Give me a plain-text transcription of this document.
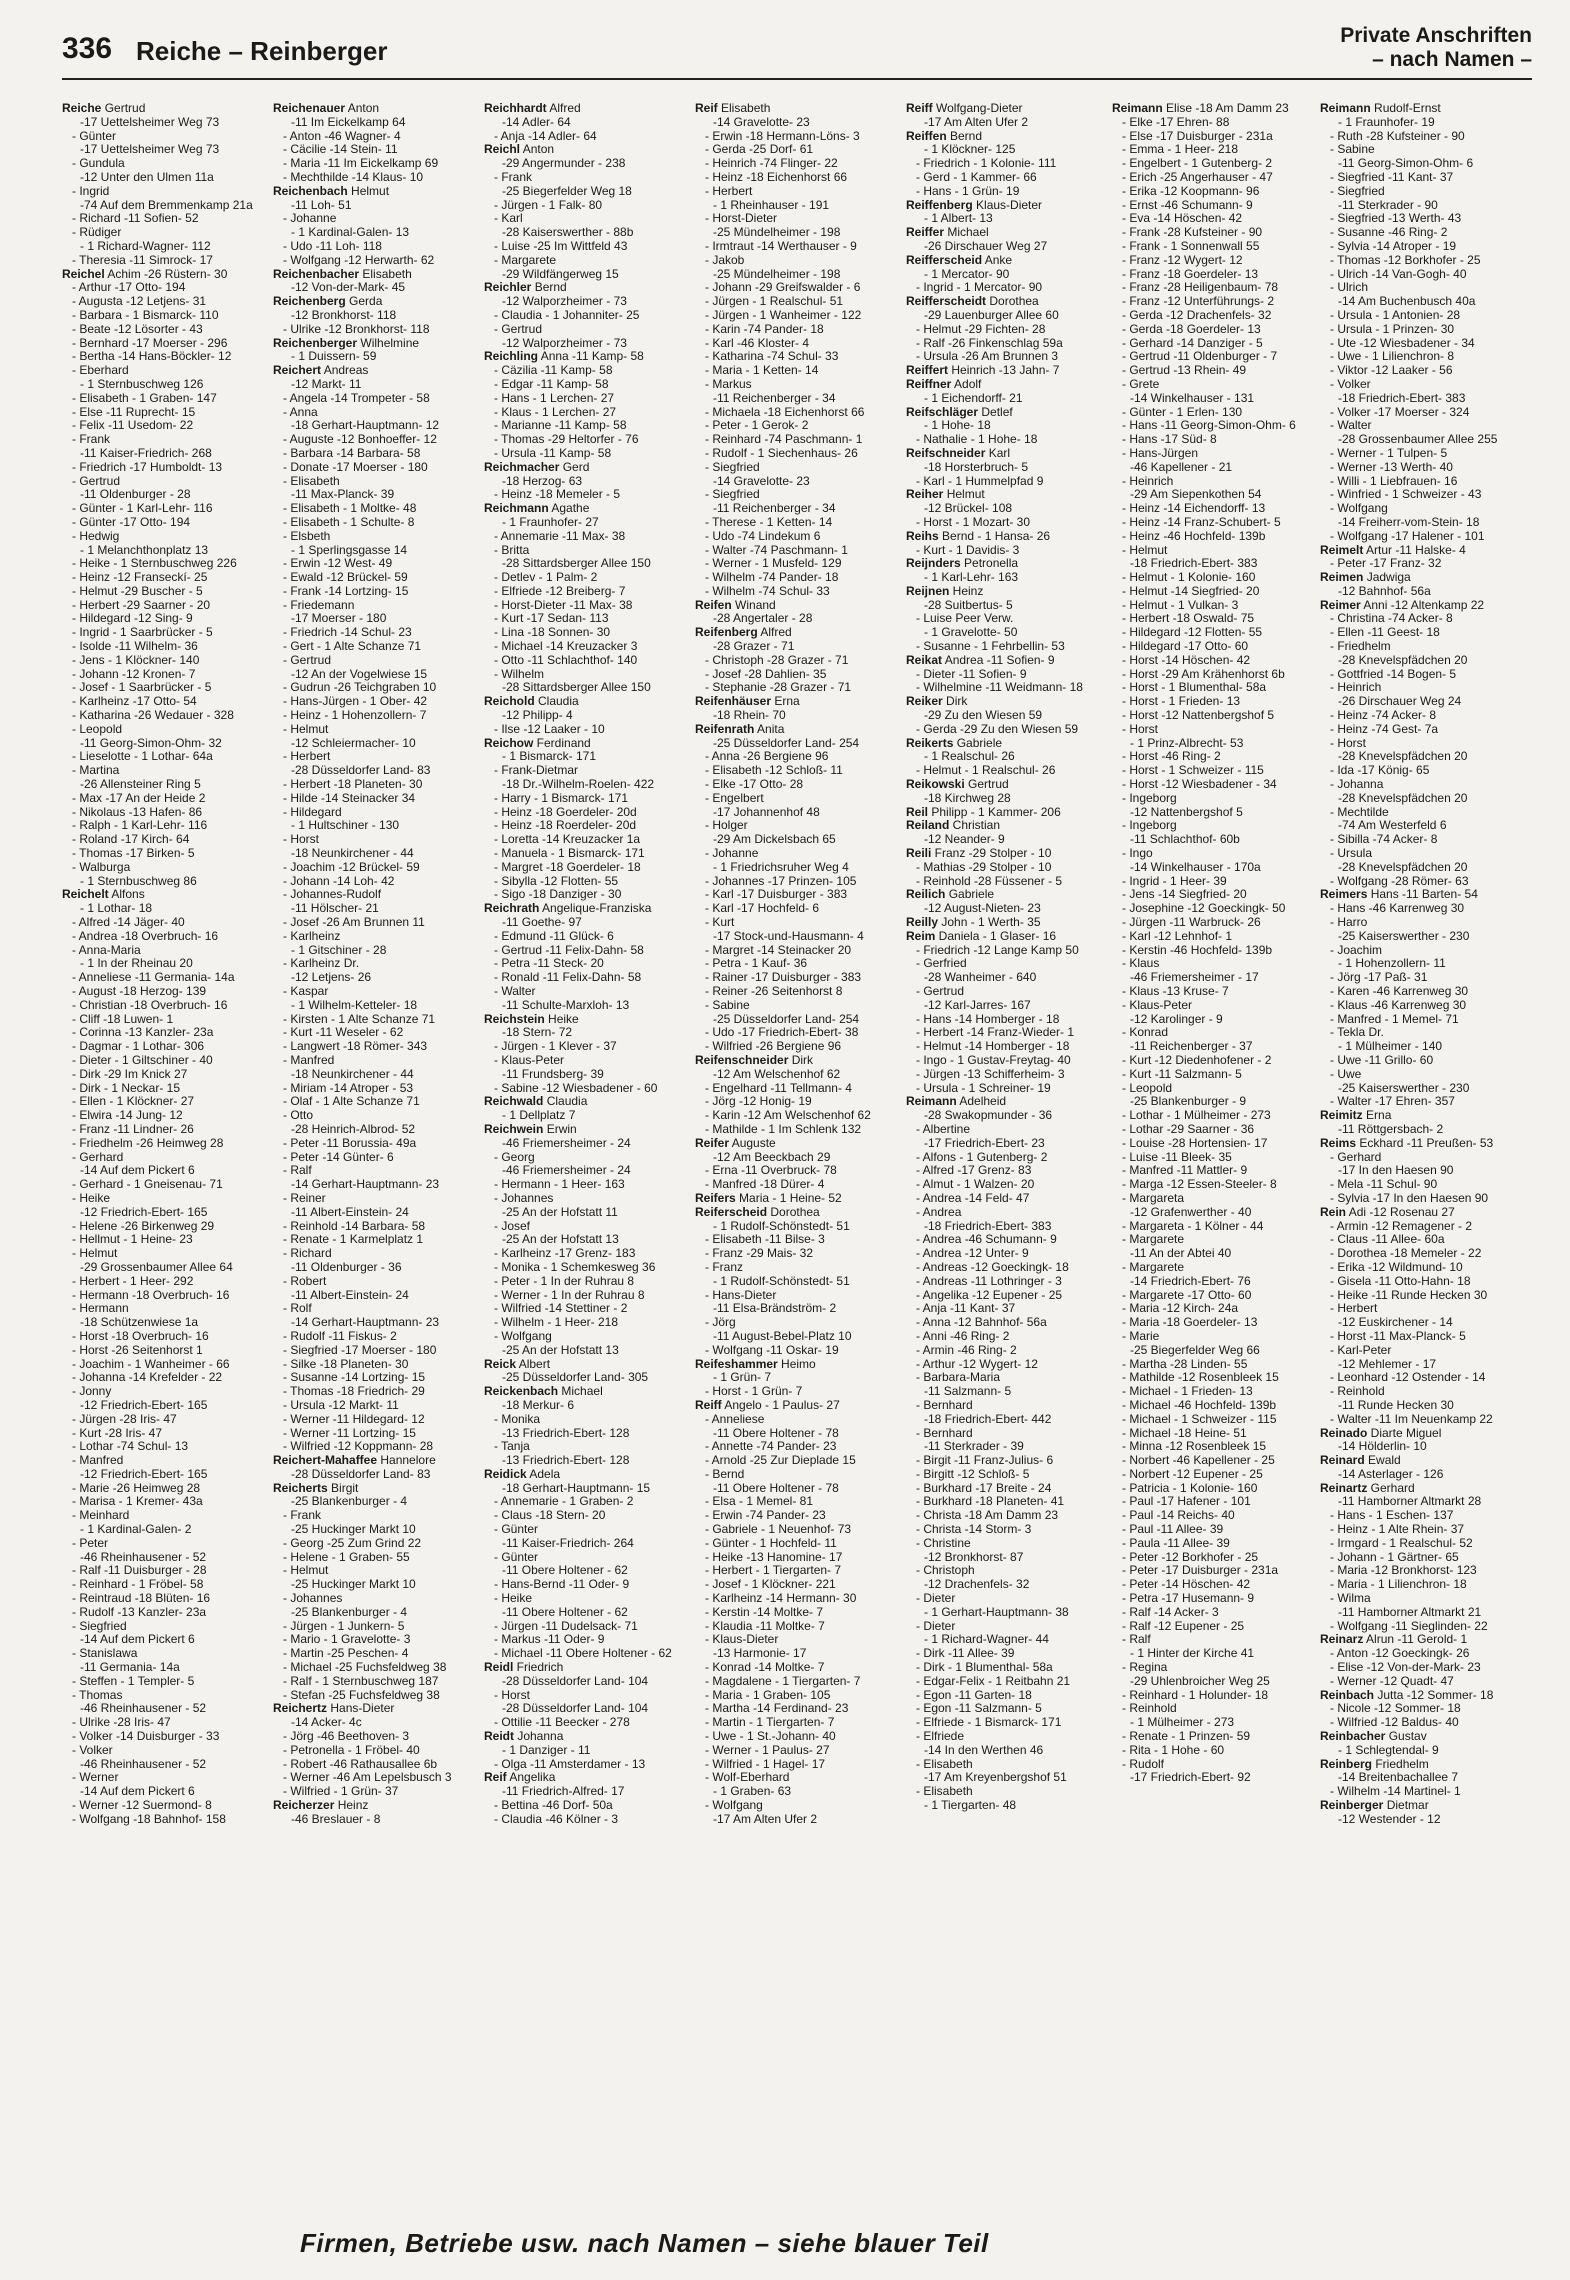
336 Reiche – Reinberger
Private Anschriften
– nach Namen –
Reiche Gertrud
-17 Uettelsheimer Weg 73
- Günter
-17 Uettelsheimer Weg 73
- Gundula
-12 Unter den Ulmen 11a
- Ingrid
-74 Auf dem Bremmenkamp 21a
- Richard -11 Sofien- 52
- Rüdiger
- 1 Richard-Wagner- 112
- Theresia -11 Simrock- 17
Reichel Achim -26 Rüstern- 30
- Arthur -17 Otto- 194
- Augusta -12 Letjens- 31
- Barbara - 1 Bismarck- 110
- Beate -12 Lösorter - 43
- Bernhard -17 Moerser - 296
- Bertha -14 Hans-Böckler- 12
- Eberhard
- 1 Sternbuschweg 126
- Elisabeth - 1 Graben- 147
- Else -11 Ruprecht- 15
- Felix -11 Usedom- 22
- Frank
-11 Kaiser-Friedrich- 268
- Friedrich -17 Humboldt- 13
- Gertrud
-11 Oldenburger - 28
- Günter - 1 Karl-Lehr- 116
- Günter -17 Otto- 194
- Hedwig
- 1 Melanchthonplatz 13
- Heike - 1 Sternbuschweg 226
- Heinz -12 Franseckí- 25
- Helmut -29 Buscher - 5
- Herbert -29 Saarner - 20
- Hildegard -12 Sing- 9
- Ingrid - 1 Saarbrücker - 5
- Isolde -11 Wilhelm- 36
- Jens - 1 Klöckner- 140
- Johann -12 Kronen- 7
- Josef - 1 Saarbrücker - 5
- Karlheinz -17 Otto- 54
- Katharina -26 Wedauer - 328
- Leopold
-11 Georg-Simon-Ohm- 32
- Lieselotte - 1 Lothar- 64a
- Martina
-26 Allensteiner Ring 5
- Max -17 An der Heide 2
- Nikolaus -13 Hafen- 86
- Ralph - 1 Karl-Lehr- 116
- Roland -17 Kirch- 64
- Thomas -17 Birken- 5
- Walburga
- 1 Sternbuschweg 86
Reichelt Alfons
- 1 Lothar- 18
- Alfred -14 Jäger- 40
- Andrea -18 Overbruch- 16
- Anna-Maria
- 1 In der Rheinau 20
- Anneliese -11 Germania- 14a
- August -18 Herzog- 139
- Christian -18 Overbruch- 16
- Cliff -18 Luwen- 1
- Corinna -13 Kanzler- 23a
- Dagmar - 1 Lothar- 306
- Dieter - 1 Giltschiner - 40
- Dirk -29 Im Knick 27
- Dirk - 1 Neckar- 15
- Ellen - 1 Klöckner- 27
- Elwira -14 Jung- 12
- Franz -11 Lindner- 26
- Friedhelm -26 Heimweg 28
- Gerhard
-14 Auf dem Pickert 6
- Gerhard - 1 Gneisenau- 71
- Heike
-12 Friedrich-Ebert- 165
- Helene -26 Birkenweg 29
- Hellmut - 1 Heine- 23
- Helmut
-29 Grossenbaumer Allee 64
- Herbert - 1 Heer- 292
- Hermann -18 Overbruch- 16
- Hermann
-18 Schützenwiese 1a
- Horst -18 Overbruch- 16
- Horst -26 Seitenhorst 1
- Joachim - 1 Wanheimer - 66
- Johanna -14 Krefelder - 22
- Jonny
-12 Friedrich-Ebert- 165
- Jürgen -28 Iris- 47
- Kurt -28 Iris- 47
- Lothar -74 Schul- 13
- Manfred
-12 Friedrich-Ebert- 165
- Marie -26 Heimweg 28
- Marisa - 1 Kremer- 43a
- Meinhard
- 1 Kardinal-Galen- 2
- Peter
-46 Rheinhausener - 52
- Ralf -11 Duisburger - 28
- Reinhard - 1 Fröbel- 58
- Reintraud -18 Blüten- 16
- Rudolf -13 Kanzler- 23a
- Siegfried
-14 Auf dem Pickert 6
- Stanislawa
-11 Germania- 14a
- Steffen - 1 Templer- 5
- Thomas
-46 Rheinhausener - 52
- Ulrike -28 Iris- 47
- Volker -14 Duisburger - 33
- Volker
-46 Rheinhausener - 52
- Werner
-14 Auf dem Pickert 6
- Werner -12 Suermond- 8
- Wolfgang -18 Bahnhof- 158
Reichenauer Anton
-11 Im Eickelkamp 64
- Anton -46 Wagner- 4
- Cäcilie -14 Stein- 11
- Maria -11 Im Eickelkamp 69
- Mechthilde -14 Klaus- 10
Reichenbach Helmut
-11 Loh- 51
- Johanne
- 1 Kardinal-Galen- 13
- Udo -11 Loh- 118
- Wolfgang -12 Herwarth- 62
Reichenbacher Elisabeth
-12 Von-der-Mark- 45
Reichenberg Gerda
-12 Bronkhorst- 118
- Ulrike -12 Bronkhorst- 118
Reichenberger Wilhelmine
- 1 Duissern- 59
Reichert Andreas
-12 Markt- 11
- Angela -14 Trompeter - 58
- Anna
-18 Gerhart-Hauptmann- 12
- Auguste -12 Bonhoeffer- 12
- Barbara -14 Barbara- 58
- Donate -17 Moerser - 180
- Elisabeth
-11 Max-Planck- 39
- Elisabeth - 1 Moltke- 48
- Elisabeth - 1 Schulte- 8
- Elsbeth
- 1 Sperlingsgasse 14
- Erwin -12 West- 49
- Ewald -12 Brückel- 59
- Frank -14 Lortzing- 15
- Friedemann
-17 Moerser - 180
- Friedrich -14 Schul- 23
- Gert - 1 Alte Schanze 71
- Gertrud
-12 An der Vogelwiese 15
- Gudrun -26 Teichgraben 10
- Hans-Jürgen - 1 Ober- 42
- Heinz - 1 Hohenzollern- 7
- Helmut
-12 Schleiermacher- 10
- Herbert
-28 Düsseldorfer Land- 83
- Herbert -18 Planeten- 30
- Hilde -14 Steinacker 34
- Hildegard
- 1 Hultschiner - 130
- Horst
-18 Neunkirchener - 44
- Joachim -12 Brückel- 59
- Johann -14 Loh- 42
- Johannes-Rudolf
-11 Hölscher- 21
- Josef -26 Am Brunnen 11
- Karlheinz
- 1 Gitschiner - 28
- Karlheinz Dr.
-12 Letjens- 26
- Kaspar
- 1 Wilhelm-Ketteler- 18
- Kirsten - 1 Alte Schanze 71
- Kurt -11 Weseler - 62
- Langwert -18 Römer- 343
- Manfred
-18 Neunkirchener - 44
- Miriam -14 Atroper - 53
- Olaf - 1 Alte Schanze 71
- Otto
-28 Heinrich-Albrod- 52
- Peter -11 Borussia- 49a
- Peter -14 Günter- 6
- Ralf
-14 Gerhart-Hauptmann- 23
- Reiner
-11 Albert-Einstein- 24
- Reinhold -14 Barbara- 58
- Renate - 1 Karmelplatz 1
- Richard
-11 Oldenburger - 36
- Robert
-11 Albert-Einstein- 24
- Rolf
-14 Gerhart-Hauptmann- 23
- Rudolf -11 Fiskus- 2
- Siegfried -17 Moerser - 180
- Silke -18 Planeten- 30
- Susanne -14 Lortzing- 15
- Thomas -18 Friedrich- 29
- Ursula -12 Markt- 11
- Werner -11 Hildegard- 12
- Werner -11 Lortzing- 15
- Wilfried -12 Koppmann- 28
Reichert-Mahaffee Hannelore
-28 Düsseldorfer Land- 83
Reicherts Birgit
-25 Blankenburger - 4
- Frank
-25 Huckinger Markt 10
- Georg -25 Zum Grind 22
- Helene - 1 Graben- 55
- Helmut
-25 Huckinger Markt 10
- Johannes
-25 Blankenburger - 4
- Jürgen - 1 Junkern- 5
- Mario - 1 Gravelotte- 3
- Martin -25 Peschen- 4
- Michael -25 Fuchsfeldweg 38
- Ralf - 1 Sternbuschweg 187
- Stefan -25 Fuchsfeldweg 38
Reichertz Hans-Dieter
-14 Acker- 4c
- Jörg -46 Beethoven- 3
- Petronella - 1 Fröbel- 40
- Robert -46 Rathausallee 6b
- Werner -46 Am Lepelsbusch 3
- Wilfried - 1 Grün- 37
Reicherzer Heinz
-46 Breslauer - 8
Reichhardt Alfred
-14 Adler- 64
- Anja -14 Adler- 64
Reichl Anton
-29 Angermunder - 238
- Frank
-25 Biegerfelder Weg 18
- Jürgen - 1 Falk- 80
- Karl
-28 Kaiserswerther - 88b
- Luise -25 Im Wittfeld 43
- Margarete
-29 Wildfängerweg 15
Reichler Bernd
-12 Walporzheimer - 73
- Claudia - 1 Johanniter- 25
- Gertrud
-12 Walporzheimer - 73
Reichling Anna -11 Kamp- 58
- Cäzilia -11 Kamp- 58
- Edgar -11 Kamp- 58
- Hans - 1 Lerchen- 27
- Klaus - 1 Lerchen- 27
- Marianne -11 Kamp- 58
- Thomas -29 Heltorfer - 76
- Ursula -11 Kamp- 58
Reichmacher Gerd
-18 Herzog- 63
- Heinz -18 Memeler - 5
Reichmann Agathe
- 1 Fraunhofer- 27
- Annemarie -11 Max- 38
- Britta
-28 Sittardsberger Allee 150
- Detlev - 1 Palm- 2
- Elfriede -12 Breiberg- 7
- Horst-Dieter -11 Max- 38
- Kurt -17 Sedan- 113
- Lina -18 Sonnen- 30
- Michael -14 Kreuzacker 3
- Otto -11 Schlachthof- 140
- Wilhelm
-28 Sittardsberger Allee 150
Reichold Claudia
-12 Philipp- 4
- Ilse -12 Laaker - 10
Reichow Ferdinand
- 1 Bismarck- 171
- Frank-Dietmar
-18 Dr.-Wilhelm-Roelen- 422
- Harry - 1 Bismarck- 171
- Heinz -18 Goerdeler- 20d
- Heinz -18 Roerdeler- 20d
- Loretta -14 Kreuzacker 1a
- Manuela - 1 Bismarck- 171
- Margret -18 Goerdeler- 18
- Sibylla -12 Flotten- 55
- Sigo -18 Danziger - 30
Reichrath Angelique-Franziska
-11 Goethe- 97
- Edmund -11 Glück- 6
- Gertrud -11 Felix-Dahn- 58
- Petra -11 Steck- 20
- Ronald -11 Felix-Dahn- 58
- Walter
-11 Schulte-Marxloh- 13
Reichstein Heike
-18 Stern- 72
- Jürgen - 1 Klever - 37
- Klaus-Peter
-11 Frundsberg- 39
- Sabine -12 Wiesbadener - 60
Reichwald Claudia
- 1 Dellplatz 7
Reichwein Erwin
-46 Friemersheimer - 24
- Georg
-46 Friemersheimer - 24
- Hermann - 1 Heer- 163
- Johannes
-25 An der Hofstatt 11
- Josef
-25 An der Hofstatt 13
- Karlheinz -17 Grenz- 183
- Monika - 1 Schemkesweg 36
- Peter - 1 In der Ruhrau 8
- Werner - 1 In der Ruhrau 8
- Wilfried -14 Stettiner - 2
- Wilhelm - 1 Heer- 218
- Wolfgang
-25 An der Hofstatt 13
Reick Albert
-25 Düsseldorfer Land- 305
Reickenbach Michael
-18 Merkur- 6
- Monika
-13 Friedrich-Ebert- 128
- Tanja
-13 Friedrich-Ebert- 128
Reidick Adela
-18 Gerhart-Hauptmann- 15
- Annemarie - 1 Graben- 2
- Claus -18 Stern- 20
- Günter
-11 Kaiser-Friedrich- 264
- Günter
-11 Obere Holtener - 62
- Hans-Bernd -11 Oder- 9
- Heike
-11 Obere Holtener - 62
- Jürgen -11 Dudelsack- 71
- Markus -11 Oder- 9
- Michael -11 Obere Holtener - 62
Reidl Friedrich
-28 Düsseldorfer Land- 104
- Horst
-28 Düsseldorfer Land- 104
- Ottilie -11 Beecker - 278
Reidt Johanna
- 1 Danziger - 11
- Olga -11 Amsterdamer - 13
Reif Angelika
-11 Friedrich-Alfred- 17
- Bettina -46 Dorf- 50a
- Claudia -46 Kölner - 3
Reif Elisabeth
-14 Gravelotte- 23
- Erwin -18 Hermann-Löns- 3
- Gerda -25 Dorf- 61
- Heinrich -74 Flinger- 22
- Heinz -18 Eichenhorst 66
- Herbert
- 1 Rheinhauser - 191
- Horst-Dieter
-25 Mündelheimer - 198
- Irmtraut -14 Werthauser - 9
- Jakob
-25 Mündelheimer - 198
- Johann -29 Greifswalder - 6
- Jürgen - 1 Realschul- 51
- Jürgen - 1 Wanheimer - 122
- Karin -74 Pander- 18
- Karl -46 Kloster- 4
- Katharina -74 Schul- 33
- Maria - 1 Ketten- 14
- Markus
-11 Reichenberger - 34
- Michaela -18 Eichenhorst 66
- Peter - 1 Gerok- 2
- Reinhard -74 Paschmann- 1
- Rudolf - 1 Siechenhaus- 26
- Siegfried
-14 Gravelotte- 23
- Siegfried
-11 Reichenberger - 34
- Therese - 1 Ketten- 14
- Udo -74 Lindekum 6
- Walter -74 Paschmann- 1
- Werner - 1 Musfeld- 129
- Wilhelm -74 Pander- 18
- Wilhelm -74 Schul- 33
Reifen Winand
-28 Angertaler - 28
Reifenberg Alfred
-28 Grazer - 71
- Christoph -28 Grazer - 71
- Josef -28 Dahlien- 35
- Stephanie -28 Grazer - 71
Reifenhäuser Erna
-18 Rhein- 70
Reifenrath Anita
-25 Düsseldorfer Land- 254
- Anna -26 Bergiene 96
- Elisabeth -12 Schloß- 11
- Elke -17 Otto- 28
- Engelbert
-17 Johannenhof 48
- Holger
-29 Am Dickelsbach 65
- Johanne
- 1 Friedrichsruher Weg 4
- Johannes -17 Prinzen- 105
- Karl -17 Duisburger - 383
- Karl -17 Hochfeld- 6
- Kurt
-17 Stock-und-Hausmann- 4
- Margret -14 Steinacker 20
- Petra - 1 Kauf- 36
- Rainer -17 Duisburger - 383
- Reiner -26 Seitenhorst 8
- Sabine
-25 Düsseldorfer Land- 254
- Udo -17 Friedrich-Ebert- 38
- Wilfried -26 Bergiene 96
Reifenschneider Dirk
-12 Am Welschenhof 62
- Engelhard -11 Tellmann- 4
- Jörg -12 Honig- 19
- Karin -12 Am Welschenhof 62
- Mathilde - 1 Im Schlenk 132
Reifer Auguste
-12 Am Beeckbach 29
- Erna -11 Overbruck- 78
- Manfred -18 Dürer- 4
Reifers Maria - 1 Heine- 52
Reiferscheid Dorothea
- 1 Rudolf-Schönstedt- 51
- Elisabeth -11 Bilse- 3
- Franz -29 Mais- 32
- Franz
- 1 Rudolf-Schönstedt- 51
- Hans-Dieter
-11 Elsa-Brändström- 2
- Jörg
-11 August-Bebel-Platz 10
- Wolfgang -11 Oskar- 19
Reifeshammer Heimo
- 1 Grün- 7
- Horst - 1 Grün- 7
Reiff Angelo - 1 Paulus- 27
- Anneliese
-11 Obere Holtener - 78
- Annette -74 Pander- 23
- Arnold -25 Zur Dieplade 15
- Bernd
-11 Obere Holtener - 78
- Elsa - 1 Memel- 81
- Erwin -74 Pander- 23
- Gabriele - 1 Neuenhof- 73
- Günter - 1 Hochfeld- 11
- Heike -13 Hanomine- 17
- Herbert - 1 Tiergarten- 7
- Josef - 1 Klöckner- 221
- Karlheinz -14 Hermann- 30
- Kerstin -14 Moltke- 7
- Klaudia -11 Moltke- 7
- Klaus-Dieter
-13 Harmonie- 17
- Konrad -14 Moltke- 7
- Magdalene - 1 Tiergarten- 7
- Maria - 1 Graben- 105
- Martha -14 Ferdinand- 23
- Martin - 1 Tiergarten- 7
- Uwe - 1 St.-Johann- 40
- Werner - 1 Paulus- 27
- Wilfried - 1 Hagel- 17
- Wolf-Eberhard
- 1 Graben- 63
- Wolfgang
-17 Am Alten Ufer 2
Reiff Wolfgang-Dieter
-17 Am Alten Ufer 2
Reiffen Bernd
- 1 Klöckner- 125
- Friedrich - 1 Kolonie- 111
- Gerd - 1 Kammer- 66
- Hans - 1 Grün- 19
Reiffenberg Klaus-Dieter
- 1 Albert- 13
Reiffer Michael
-26 Dirschauer Weg 27
Reifferscheid Anke
- 1 Mercator- 90
- Ingrid - 1 Mercator- 90
Reifferscheidt Dorothea
-29 Lauenburger Allee 60
- Helmut -29 Fichten- 28
- Ralf -26 Finkenschlag 59a
- Ursula -26 Am Brunnen 3
Reiffert Heinrich -13 Jahn- 7
Reiffner Adolf
- 1 Eichendorff- 21
Reifschläger Detlef
- 1 Hohe- 18
- Nathalie - 1 Hohe- 18
Reifschneider Karl
-18 Horsterbruch- 5
- Karl - 1 Hummelpfad 9
Reiher Helmut
-12 Brückel- 108
- Horst - 1 Mozart- 30
Reihs Bernd - 1 Hansa- 26
- Kurt - 1 Davidis- 3
Reijnders Petronella
- 1 Karl-Lehr- 163
Reijnen Heinz
-28 Suitbertus- 5
- Luise Peer Verw.
- 1 Gravelotte- 50
- Susanne - 1 Fehrbellin- 53
Reikat Andrea -11 Sofien- 9
- Dieter -11 Sofien- 9
- Wilhelmine -11 Weidmann- 18
Reiker Dirk
-29 Zu den Wiesen 59
- Gerda -29 Zu den Wiesen 59
Reikerts Gabriele
- 1 Realschul- 26
- Helmut - 1 Realschul- 26
Reikowski Gertrud
-18 Kirchweg 28
Reil Philipp - 1 Kammer- 206
Reiland Christian
-12 Neander- 9
Reili Franz -29 Stolper - 10
- Mathias -29 Stolper - 10
- Reinhold -28 Füssener - 5
Reilich Gabriele
-12 August-Nieten- 23
Reilly John - 1 Werth- 35
Reim Daniela - 1 Glaser- 16
- Friedrich -12 Lange Kamp 50
- Gerfried
-28 Wanheimer - 640
- Gertrud
-12 Karl-Jarres- 167
- Hans -14 Homberger - 18
- Herbert -14 Franz-Wieder- 1
- Helmut -14 Homberger - 18
- Ingo - 1 Gustav-Freytag- 40
- Jürgen -13 Schifferheim- 3
- Ursula - 1 Schreiner- 19
Reimann Adelheid
-28 Swakopmunder - 36
- Albertine
-17 Friedrich-Ebert- 23
- Alfons - 1 Gutenberg- 2
- Alfred -17 Grenz- 83
- Almut - 1 Walzen- 20
- Andrea -14 Feld- 47
- Andrea
-18 Friedrich-Ebert- 383
- Andrea -46 Schumann- 9
- Andrea -12 Unter- 9
- Andreas -12 Goeckingk- 18
- Andreas -11 Lothringer - 3
- Angelika -12 Eupener - 25
- Anja -11 Kant- 37
- Anna -12 Bahnhof- 56a
- Anni -46 Ring- 2
- Armin -46 Ring- 2
- Arthur -12 Wygert- 12
- Barbara-Maria
-11 Salzmann- 5
- Bernhard
-18 Friedrich-Ebert- 442
- Bernhard
-11 Sterkrader - 39
- Birgit -11 Franz-Julius- 6
- Birgitt -12 Schloß- 5
- Burkhard -17 Breite - 24
- Burkhard -18 Planeten- 41
- Christa -18 Am Damm 23
- Christa -14 Storm- 3
- Christine
-12 Bronkhorst- 87
- Christoph
-12 Drachenfels- 32
- Dieter
- 1 Gerhart-Hauptmann- 38
- Dieter
- 1 Richard-Wagner- 44
- Dirk -11 Allee- 39
- Dirk - 1 Blumenthal- 58a
- Edgar-Felix - 1 Reitbahn 21
- Egon -11 Garten- 18
- Egon -11 Salzmann- 5
- Elfriede - 1 Bismarck- 171
- Elfriede
-14 In den Werthen 46
- Elisabeth
-17 Am Kreyenbergshof 51
- Elisabeth
- 1 Tiergarten- 48
Reimann Elise -18 Am Damm 23
- Elke -17 Ehren- 88
- Else -17 Duisburger - 231a
- Emma - 1 Heer- 218
- Engelbert - 1 Gutenberg- 2
- Erich -25 Angerhauser - 47
- Erika -12 Koopmann- 96
- Ernst -46 Schumann- 9
- Eva -14 Höschen- 42
- Frank -28 Kufsteiner - 90
- Frank - 1 Sonnenwall 55
- Franz -12 Wygert- 12
- Franz -18 Goerdeler- 13
- Franz -28 Heiligenbaum- 78
- Franz -12 Unterführungs- 2
- Gerda -12 Drachenfels- 32
- Gerda -18 Goerdeler- 13
- Gerhard -14 Danziger - 5
- Gertrud -11 Oldenburger - 7
- Gertrud -13 Rhein- 49
- Grete
-14 Winkelhauser - 131
- Günter - 1 Erlen- 130
- Hans -11 Georg-Simon-Ohm- 6
- Hans -17 Süd- 8
- Hans-Jürgen
-46 Kapellener - 21
- Heinrich
-29 Am Siepenkothen 54
- Heinz -14 Eichendorff- 13
- Heinz -14 Franz-Schubert- 5
- Heinz -46 Hochfeld- 139b
- Helmut
-18 Friedrich-Ebert- 383
- Helmut - 1 Kolonie- 160
- Helmut -14 Siegfried- 20
- Helmut - 1 Vulkan- 3
- Herbert -18 Oswald- 75
- Hildegard -12 Flotten- 55
- Hildegard -17 Otto- 60
- Horst -14 Höschen- 42
- Horst -29 Am Krähenhorst 6b
- Horst - 1 Blumenthal- 58a
- Horst - 1 Frieden- 13
- Horst -12 Nattenbergshof 5
- Horst
- 1 Prinz-Albrecht- 53
- Horst -46 Ring- 2
- Horst - 1 Schweizer - 115
- Horst -12 Wiesbadener - 34
- Ingeborg
-12 Nattenbergshof 5
- Ingeborg
-11 Schlachthof- 60b
- Ingo
-14 Winkelhauser - 170a
- Ingrid - 1 Heer- 39
- Jens -14 Siegfried- 20
- Josephine -12 Goeckingk- 50
- Jürgen -11 Warbruck- 26
- Karl -12 Lehnhof- 1
- Kerstin -46 Hochfeld- 139b
- Klaus
-46 Friemersheimer - 17
- Klaus -13 Kruse- 7
- Klaus-Peter
-12 Karolinger - 9
- Konrad
-11 Reichenberger - 37
- Kurt -12 Diedenhofener - 2
- Kurt -11 Salzmann- 5
- Leopold
-25 Blankenburger - 9
- Lothar - 1 Mülheimer - 273
- Lothar -29 Saarner - 36
- Louise -28 Hortensien- 17
- Luise -11 Bleek- 35
- Manfred -11 Mattler- 9
- Marga -12 Essen-Steeler- 8
- Margareta
-12 Grafenwerther - 40
- Margareta - 1 Kölner - 44
- Margarete
-11 An der Abtei 40
- Margarete
-14 Friedrich-Ebert- 76
- Margarete -17 Otto- 60
- Maria -12 Kirch- 24a
- Maria -18 Goerdeler- 13
- Marie
-25 Biegerfelder Weg 66
- Martha -28 Linden- 55
- Mathilde -12 Rosenbleek 15
- Michael - 1 Frieden- 13
- Michael -46 Hochfeld- 139b
- Michael - 1 Schweizer - 115
- Michael -18 Heine- 51
- Minna -12 Rosenbleek 15
- Norbert -46 Kapellener - 25
- Norbert -12 Eupener - 25
- Patricia - 1 Kolonie- 160
- Paul -17 Hafener - 101
- Paul -14 Reichs- 40
- Paul -11 Allee- 39
- Paula -11 Allee- 39
- Peter -12 Borkhofer - 25
- Peter -17 Duisburger - 231a
- Peter -14 Höschen- 42
- Petra -17 Husemann- 9
- Ralf -14 Acker- 3
- Ralf -12 Eupener - 25
- Ralf
- 1 Hinter der Kirche 41
- Regina
-29 Uhlenbroicher Weg 25
- Reinhard - 1 Holunder- 18
- Reinhold
- 1 Mülheimer - 273
- Renate - 1 Prinzen- 59
- Rita - 1 Hohe - 60
- Rudolf
-17 Friedrich-Ebert- 92
Reimann Rudolf-Ernst
- 1 Fraunhofer- 19
- Ruth -28 Kufsteiner - 90
- Sabine
-11 Georg-Simon-Ohm- 6
- Siegfried -11 Kant- 37
- Siegfried
-11 Sterkrader - 90
- Siegfried -13 Werth- 43
- Susanne -46 Ring- 2
- Sylvia -14 Atroper - 19
- Thomas -12 Borkhofer - 25
- Ulrich -14 Van-Gogh- 40
- Ulrich
-14 Am Buchenbusch 40a
- Ursula - 1 Antonien- 28
- Ursula - 1 Prinzen- 30
- Ute -12 Wiesbadener - 34
- Uwe - 1 Lilienchron- 8
- Viktor -12 Laaker - 56
- Volker
-18 Friedrich-Ebert- 383
- Volker -17 Moerser - 324
- Walter
-28 Grossenbaumer Allee 255
- Werner - 1 Tulpen- 5
- Werner -13 Werth- 40
- Willi - 1 Liebfrauen- 16
- Winfried - 1 Schweizer - 43
- Wolfgang
-14 Freiherr-vom-Stein- 18
- Wolfgang -17 Halener - 101
Reimelt Artur -11 Halske- 4
- Peter -17 Franz- 32
Reimen Jadwiga
-12 Bahnhof- 56a
Reimer Anni -12 Altenkamp 22
- Christina -74 Acker- 8
- Ellen -11 Geest- 18
- Friedhelm
-28 Knevelspfädchen 20
- Gottfried -14 Bogen- 5
- Heinrich
-26 Dirschauer Weg 24
- Heinz -74 Acker- 8
- Heinz -74 Gest- 7a
- Horst
-28 Knevelspfädchen 20
- Ida -17 König- 65
- Johanna
-28 Knevelspfädchen 20
- Mechtilde
-74 Am Westerfeld 6
- Sibilla -74 Acker- 8
- Ursula
-28 Knevelspfädchen 20
- Wolfgang -28 Römer- 63
Reimers Hans -11 Barten- 54
- Hans -46 Karrenweg 30
- Harro
-25 Kaiserswerther - 230
- Joachim
- 1 Hohenzollern- 11
- Jörg -17 Paß- 31
- Karen -46 Karrenweg 30
- Klaus -46 Karrenweg 30
- Manfred - 1 Memel- 71
- Tekla Dr.
- 1 Mülheimer - 140
- Uwe -11 Grillo- 60
- Uwe
-25 Kaiserswerther - 230
- Walter -17 Ehren- 357
Reimitz Erna
-11 Röttgersbach- 2
Reims Eckhard -11 Preußen- 53
- Gerhard
-17 In den Haesen 90
- Mela -11 Schul- 90
- Sylvia -17 In den Haesen 90
Rein Adi -12 Rosenau 27
- Armin -12 Remagener - 2
- Claus -11 Allee- 60a
- Dorothea -18 Memeler - 22
- Erika -12 Wildmund- 10
- Gisela -11 Otto-Hahn- 18
- Heike -11 Runde Hecken 30
- Herbert
-12 Euskirchener - 14
- Horst -11 Max-Planck- 5
- Karl-Peter
-12 Mehlemer - 17
- Leonhard -12 Ostender - 14
- Reinhold
-11 Runde Hecken 30
- Walter -11 Im Neuenkamp 22
Reinado Diarte Miguel
-14 Hölderlin- 10
Reinard Ewald
-14 Asterlager - 126
Reinartz Gerhard
-11 Hamborner Altmarkt 28
- Hans - 1 Eschen- 137
- Heinz - 1 Alte Rhein- 37
- Irmgard - 1 Realschul- 52
- Johann - 1 Gärtner- 65
- Maria -12 Bronkhorst- 123
- Maria - 1 Lilienchron- 18
- Wilma
-11 Hamborner Altmarkt 21
- Wolfgang -11 Sieglinden- 22
Reinarz Alrun -11 Gerold- 1
- Anton -12 Goeckingk- 26
- Elise -12 Von-der-Mark- 23
- Werner -12 Quadt- 47
Reinbach Jutta -12 Sommer- 18
- Nicole -12 Sommer- 18
- Wilfried -12 Baldus- 40
Reinbacher Gustav
- 1 Schlegtendal- 9
Reinberg Friedhelm
-14 Breitenbachallee 7
- Wilhelm -14 Martinel- 1
Reinberger Dietmar
-12 Westender - 12
Firmen, Betriebe usw. nach Namen – siehe blauer Teil
